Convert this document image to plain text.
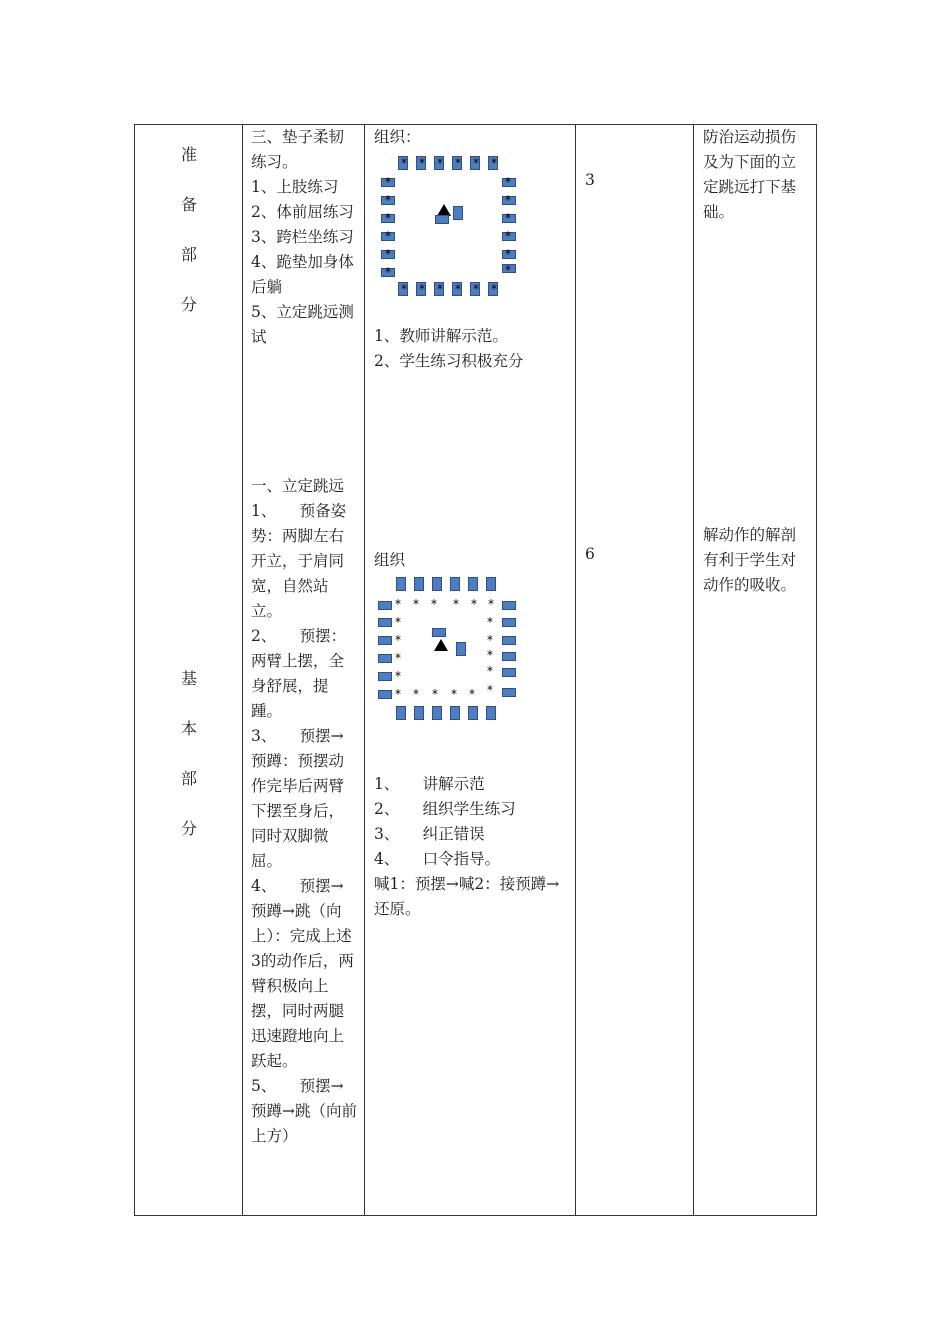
准
备
部
分
三、垫子柔韧练习。
1、上肢练习
2、体前屈练习
3、跨栏坐练习
4、跪垫加身体后躺
5、立定跳远测试
组织：
* * * * * *
*
*
*
*
*
*
*
*
*
*
*
*
* * * * * *
1、教师讲解示范。
2、学生练习积极充分
3
防治运动损伤及为下面的立定跳远打下基础。
基
本
部
分
一、立定跳远
1、　　预备姿势：两脚左右开立，于肩同宽，自然站立。
2、　　预摆：两臂上摆，全身舒展，提踵。
3、　　预摆→预蹲：预摆动作完毕后两臂下摆至身后，同时双脚微屈。
4、　　预摆→预蹲→跳（向上）：完成上述3的动作后，两臂积极向上摆，同时两腿迅速蹬地向上跃起。
5、　　预摆→预蹲→跳（向前上方）
组织
* * * * * *
*
*
*
*
*
*
*
*
* * * * * *
1、　　讲解示范
2、　　组织学生练习
3、　　纠正错误
4、　　口令指导。
喊1：预摆→喊2：接预蹲→还原。
6
解动作的解剖有利于学生对动作的吸收。
